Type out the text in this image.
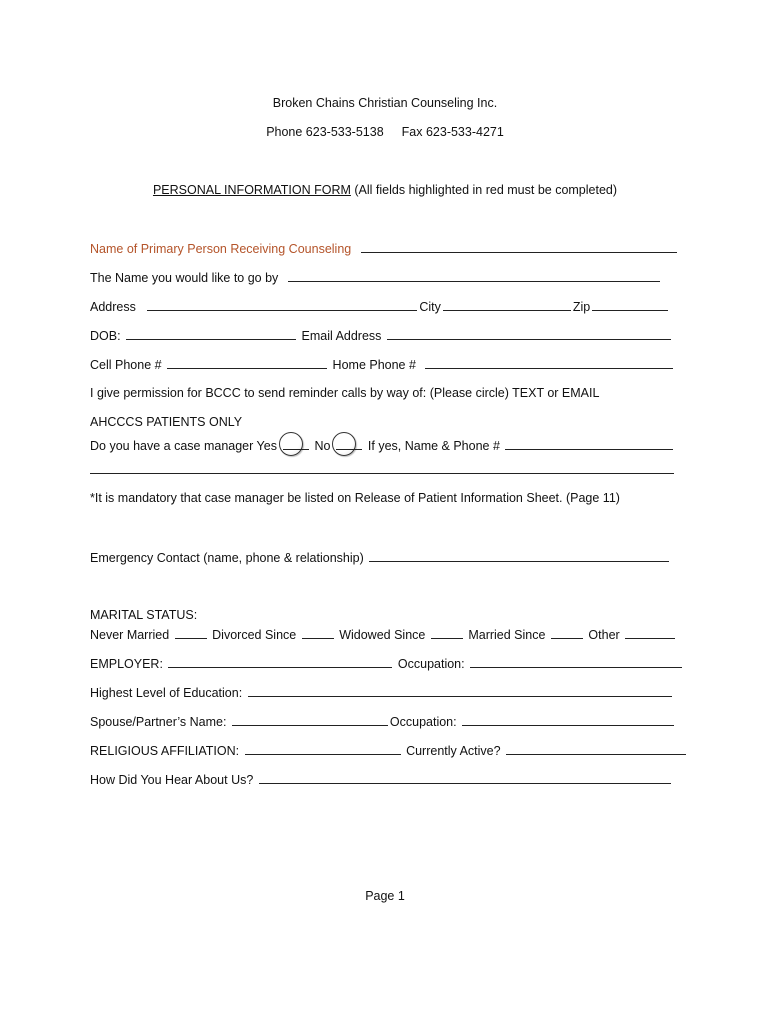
Broken Chains Christian Counseling Inc.
Phone 623-533-5138 Fax 623-533-4271
PERSONAL INFORMATION FORM (All fields highlighted in red must be completed)
Name of Primary Person Receiving Counseling
The Name you would like to go by
Address	City	Zip
DOB:	Email Address
Cell Phone #	Home Phone #
I give permission for BCCC to send reminder calls by way of: (Please circle) TEXT or EMAIL
AHCCCS PATIENTS ONLY
Do you have a case manager Yes	No	If yes, Name & Phone #
*It is mandatory that case manager be listed on Release of Patient Information Sheet. (Page 11)
Emergency Contact (name, phone & relationship)
MARITAL STATUS:
Never Married	Divorced Since	Widowed Since	Married Since	Other
EMPLOYER:	Occupation:
Highest Level of Education:
Spouse/Partner’s Name:	Occupation:
RELIGIOUS AFFILIATION:	Currently Active?
How Did You Hear About Us?
Page 1
